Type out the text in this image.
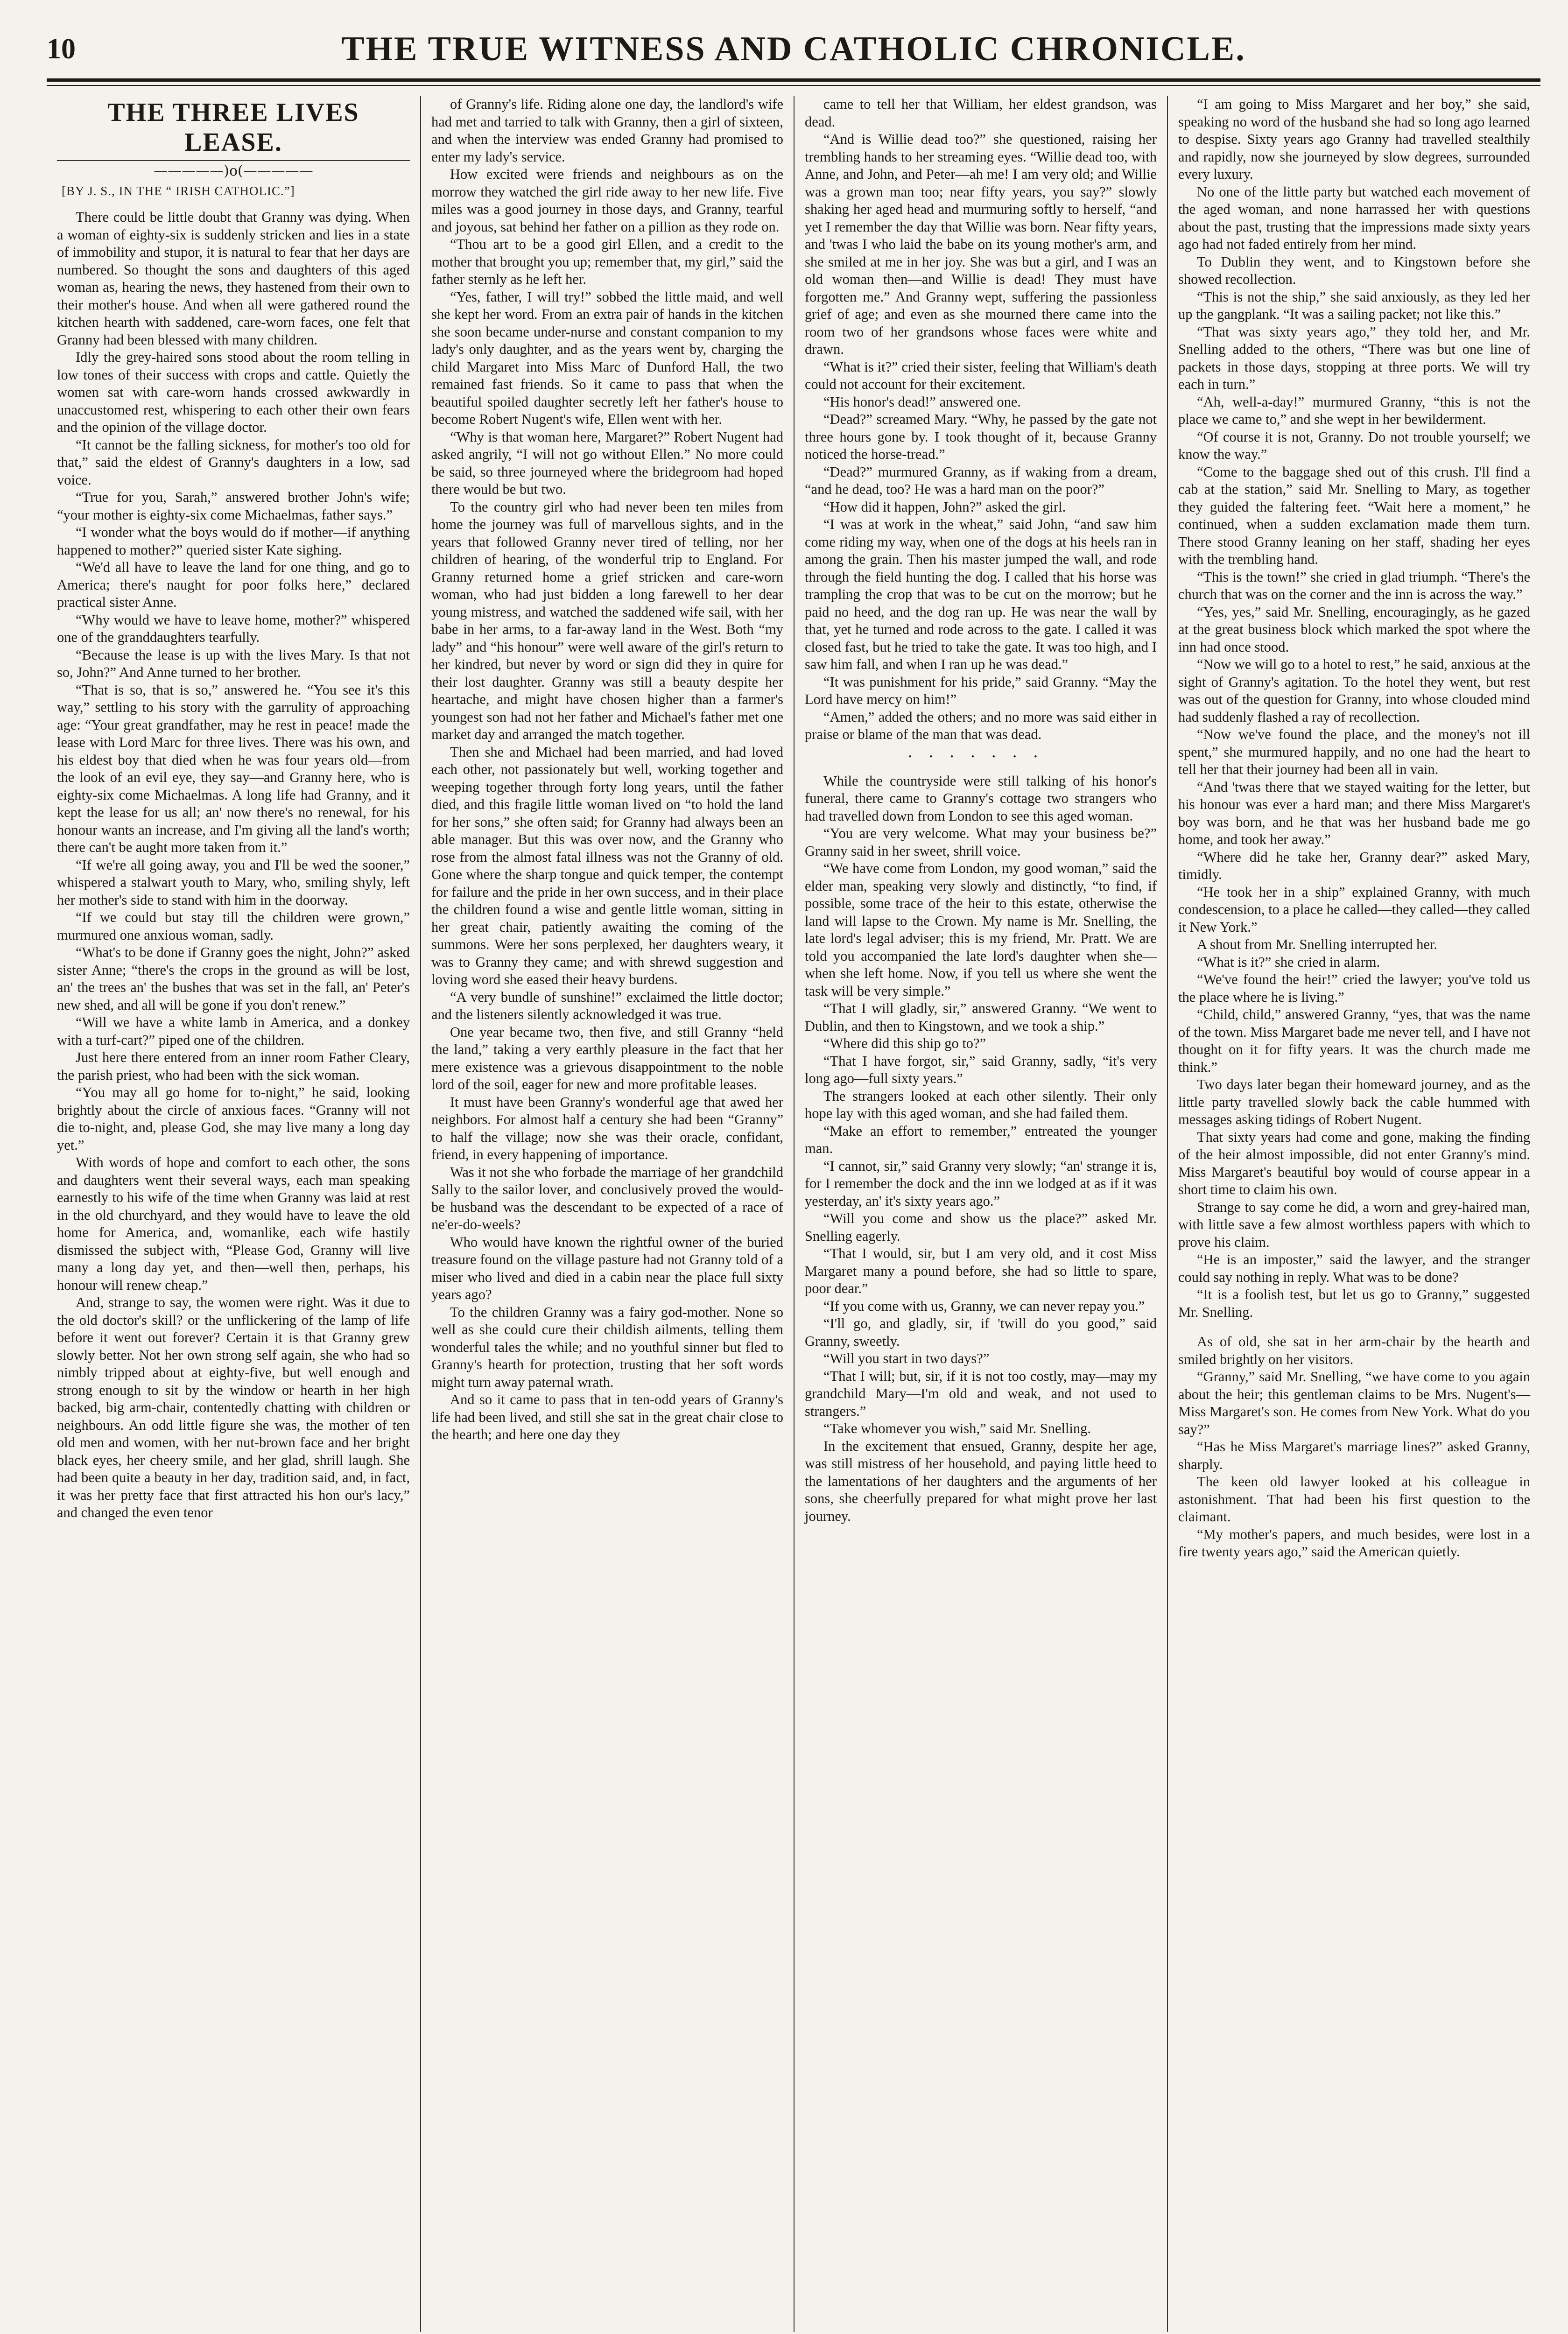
10	THE TRUE WITNESS AND CATHOLIC CHRONICLE.
THE THREE LIVES LEASE.
—————)o(—————
[BY J. S., IN THE “ IRISH CATHOLIC.”]

There could be little doubt that Granny was dying. When a woman of eighty-six is suddenly stricken and lies in a state of immobility and stupor, it is natural to fear that her days are numbered. So thought the sons and daughters of this aged woman as, hearing the news, they hastened from their own to their mother's house. And when all were gathered round the kitchen hearth with saddened, care-worn faces, one felt that Granny had been blessed with many children.

Idly the grey-haired sons stood about the room telling in low tones of their success with crops and cattle. Quietly the women sat with care-worn hands crossed awkwardly in unaccustomed rest, whispering to each other their own fears and the opinion of the village doctor.

“It cannot be the falling sickness, for mother's too old for that,” said the eldest of Granny's daughters in a low, sad voice.

“True for you, Sarah,” answered brother John's wife; “your mother is eighty-six come Michaelmas, father says.”

“I wonder what the boys would do if mother—if anything happened to mother?” queried sister Kate sighing.

“We'd all have to leave the land for one thing, and go to America; there's naught for poor folks here,” declared practical sister Anne.

“Why would we have to leave home, mother?” whispered one of the granddaughters tearfully.

“Because the lease is up with the lives Mary. Is that not so, John?” And Anne turned to her brother.

“That is so, that is so,” answered he. “You see it's this way,” settling to his story with the garrulity of approaching age: “Your great grandfather, may he rest in peace! made the lease with Lord Marc for three lives. There was his own, and his eldest boy that died when he was four years old—from the look of an evil eye, they say—and Granny here, who is eighty-six come Michaelmas. A long life had Granny, and it kept the lease for us all; an' now there's no renewal, for his honour wants an increase, and I'm giving all the land's worth; there can't be aught more taken from it.”

“If we're all going away, you and I'll be wed the sooner,” whispered a stalwart youth to Mary, who, smiling shyly, left her mother's side to stand with him in the doorway.

“If we could but stay till the children were grown,” murmured one anxious woman, sadly.

“What's to be done if Granny goes the night, John?” asked sister Anne; “there's the crops in the ground as will be lost, an' the trees an' the bushes that was set in the fall, an' Peter's new shed, and all will be gone if you don't renew.”

“Will we have a white lamb in America, and a donkey with a turf-cart?” piped one of the children.

Just here there entered from an inner room Father Cleary, the parish priest, who had been with the sick woman.

“You may all go home for to-night,” he said, looking brightly about the circle of anxious faces. “Granny will not die to-night, and, please God, she may live many a long day yet.”

With words of hope and comfort to each other, the sons and daughters went their several ways, each man speaking earnestly to his wife of the time when Granny was laid at rest in the old churchyard, and they would have to leave the old home for America, and, womanlike, each wife hastily dismissed the subject with, “Please God, Granny will live many a long day yet, and then—well then, perhaps, his honour will renew cheap.”

And, strange to say, the women were right. Was it due to the old doctor's skill? or the unflickering of the lamp of life before it went out forever? Certain it is that Granny grew slowly better. Not her own strong self again, she who had so nimbly tripped about at eighty-five, but well enough and strong enough to sit by the window or hearth in her high backed, big arm-chair, contentedly chatting with children or neighbours. An odd little figure she was, the mother of ten old men and women, with her nut-brown face and her bright black eyes, her cheery smile, and her glad, shrill laugh. She had been quite a beauty in her day, tradition said, and, in fact, it was her pretty face that first attracted his hon our's lacy,” and changed the even tenor

of Granny's life. Riding alone one day, the landlord's wife had met and tarried to talk with Granny, then a girl of sixteen, and when the interview was ended Granny had promised to enter my lady's service.

How excited were friends and neighbours as on the morrow they watched the girl ride away to her new life. Five miles was a good journey in those days, and Granny, tearful and joyous, sat behind her father on a pillion as they rode on.

“Thou art to be a good girl Ellen, and a credit to the mother that brought you up; remember that, my girl,” said the father sternly as he left her.

“Yes, father, I will try!” sobbed the little maid, and well she kept her word. From an extra pair of hands in the kitchen she soon became under-nurse and constant companion to my lady's only daughter, and as the years went by, charging the child Margaret into Miss Marc of Dunford Hall, the two remained fast friends. So it came to pass that when the beautiful spoiled daughter secretly left her father's house to become Robert Nugent's wife, Ellen went with her.

“Why is that woman here, Margaret?” Robert Nugent had asked angrily, “I will not go without Ellen.” No more could be said, so three journeyed where the bridegroom had hoped there would be but two.

To the country girl who had never been ten miles from home the journey was full of marvellous sights, and in the years that followed Granny never tired of telling, nor her children of hearing, of the wonderful trip to England. For Granny returned home a grief stricken and care-worn woman, who had just bidden a long farewell to her dear young mistress, and watched the saddened wife sail, with her babe in her arms, to a far-away land in the West. Both “my lady” and “his honour” were well aware of the girl's return to her kindred, but never by word or sign did they in quire for their lost daughter. Granny was still a beauty despite her heartache, and might have chosen higher than a farmer's youngest son had not her father and Michael's father met one market day and arranged the match together.

Then she and Michael had been married, and had loved each other, not passionately but well, working together and weeping together through forty long years, until the father died, and this fragile little woman lived on “to hold the land for her sons,” she often said; for Granny had always been an able manager. But this was over now, and the Granny who rose from the almost fatal illness was not the Granny of old. Gone where the sharp tongue and quick temper, the contempt for failure and the pride in her own success, and in their place the children found a wise and gentle little woman, sitting in her great chair, patiently awaiting the coming of the summons. Were her sons perplexed, her daughters weary, it was to Granny they came; and with shrewd suggestion and loving word she eased their heavy burdens.

“A very bundle of sunshine!” exclaimed the little doctor; and the listeners silently acknowledged it was true.

One year became two, then five, and still Granny “held the land,” taking a very earthly pleasure in the fact that her mere existence was a grievous disappointment to the noble lord of the soil, eager for new and more profitable leases.

It must have been Granny's wonderful age that awed her neighbors. For almost half a century she had been “Granny” to half the village; now she was their oracle, confidant, friend, in every happening of importance.

Was it not she who forbade the marriage of her grandchild Sally to the sailor lover, and conclusively proved the would-be husband was the descendant to be expected of a race of ne'er-do-weels?

Who would have known the rightful owner of the buried treasure found on the village pasture had not Granny told of a miser who lived and died in a cabin near the place full sixty years ago?

To the children Granny was a fairy god-mother. None so well as she could cure their childish ailments, telling them wonderful tales the while; and no youthful sinner but fled to Granny's hearth for protection, trusting that her soft words might turn away paternal wrath.

And so it came to pass that in ten-odd years of Granny's life had been lived, and still she sat in the great chair close to the hearth; and here one day they

came to tell her that William, her eldest grandson, was dead.

“And is Willie dead too?” she questioned, raising her trembling hands to her streaming eyes. “Willie dead too, with Anne, and John, and Peter—ah me! I am very old; and Willie was a grown man too; near fifty years, you say?” slowly shaking her aged head and murmuring softly to herself, “and yet I remember the day that Willie was born. Near fifty years, and 'twas I who laid the babe on its young mother's arm, and she smiled at me in her joy. She was but a girl, and I was an old woman then—and Willie is dead! They must have forgotten me.” And Granny wept, suffering the passionless grief of age; and even as she mourned there came into the room two of her grandsons whose faces were white and drawn.

“What is it?” cried their sister, feeling that William's death could not account for their excitement.

“His honor's dead!” answered one.

“Dead?” screamed Mary. “Why, he passed by the gate not three hours gone by. I took thought of it, because Granny noticed the horse-tread.”

“Dead?” murmured Granny, as if waking from a dream, “and he dead, too? He was a hard man on the poor?”

“How did it happen, John?” asked the girl.

“I was at work in the wheat,” said John, “and saw him come riding my way, when one of the dogs at his heels ran in among the grain. Then his master jumped the wall, and rode through the field hunting the dog. I called that his horse was trampling the crop that was to be cut on the morrow; but he paid no heed, and the dog ran up. He was near the wall by that, yet he turned and rode across to the gate. I called it was closed fast, but he tried to take the gate. It was too high, and I saw him fall, and when I ran up he was dead.”

“It was punishment for his pride,” said Granny. “May the Lord have mercy on him!”

“Amen,” added the others; and no more was said either in praise or blame of the man that was dead.

·······

While the countryside were still talking of his honor's funeral, there came to Granny's cottage two strangers who had travelled down from London to see this aged woman.

“You are very welcome. What may your business be?” Granny said in her sweet, shrill voice.

“We have come from London, my good woman,” said the elder man, speaking very slowly and distinctly, “to find, if possible, some trace of the heir to this estate, otherwise the land will lapse to the Crown. My name is Mr. Snelling, the late lord's legal adviser; this is my friend, Mr. Pratt. We are told you accompanied the late lord's daughter when she—when she left home. Now, if you tell us where she went the task will be very simple.”

“That I will gladly, sir,” answered Granny. “We went to Dublin, and then to Kingstown, and we took a ship.”

“Where did this ship go to?”

“That I have forgot, sir,” said Granny, sadly, “it's very long ago—full sixty years.”

The strangers looked at each other silently. Their only hope lay with this aged woman, and she had failed them.

“Make an effort to remember,” entreated the younger man.

“I cannot, sir,” said Granny very slowly; “an' strange it is, for I remember the dock and the inn we lodged at as if it was yesterday, an' it's sixty years ago.”

“Will you come and show us the place?” asked Mr. Snelling eagerly.

“That I would, sir, but I am very old, and it cost Miss Margaret many a pound before, she had so little to spare, poor dear.”

“If you come with us, Granny, we can never repay you.”

“I'll go, and gladly, sir, if 'twill do you good,” said Granny, sweetly.

“Will you start in two days?”

“That I will; but, sir, if it is not too costly, may—may my grandchild Mary—I'm old and weak, and not used to strangers.”

“Take whomever you wish,” said Mr. Snelling.

In the excitement that ensued, Granny, despite her age, was still mistress of her household, and paying little heed to the lamentations of her daughters and the arguments of her sons, she cheerfully prepared for what might prove her last journey.

“I am going to Miss Margaret and her boy,” she said, speaking no word of the husband she had so long ago learned to despise. Sixty years ago Granny had travelled stealthily and rapidly, now she journeyed by slow degrees, surrounded every luxury.

No one of the little party but watched each movement of the aged woman, and none harrassed her with questions about the past, trusting that the impressions made sixty years ago had not faded entirely from her mind.

To Dublin they went, and to Kingstown before she showed recollection.

“This is not the ship,” she said anxiously, as they led her up the gangplank. “It was a sailing packet; not like this.”

“That was sixty years ago,” they told her, and Mr. Snelling added to the others, “There was but one line of packets in those days, stopping at three ports. We will try each in turn.”

“Ah, well-a-day!” murmured Granny, “this is not the place we came to,” and she wept in her bewilderment.

“Of course it is not, Granny. Do not trouble yourself; we know the way.”

“Come to the baggage shed out of this crush. I'll find a cab at the station,” said Mr. Snelling to Mary, as together they guided the faltering feet. “Wait here a moment,” he continued, when a sudden exclamation made them turn. There stood Granny leaning on her staff, shading her eyes with the trembling hand.

“This is the town!” she cried in glad triumph. “There's the church that was on the corner and the inn is across the way.”

“Yes, yes,” said Mr. Snelling, encouragingly, as he gazed at the great business block which marked the spot where the inn had once stood.

“Now we will go to a hotel to rest,” he said, anxious at the sight of Granny's agitation. To the hotel they went, but rest was out of the question for Granny, into whose clouded mind had suddenly flashed a ray of recollection.

“Now we've found the place, and the money's not ill spent,” she murmured happily, and no one had the heart to tell her that their journey had been all in vain.

“And 'twas there that we stayed waiting for the letter, but his honour was ever a hard man; and there Miss Margaret's boy was born, and he that was her husband bade me go home, and took her away.”

“Where did he take her, Granny dear?” asked Mary, timidly.

“He took her in a ship” explained Granny, with much condescension, to a place he called—they called—they called it New York.”

A shout from Mr. Snelling interrupted her.

“What is it?” she cried in alarm.

“We've found the heir!” cried the lawyer; you've told us the place where he is living.”

“Child, child,” answered Granny, “yes, that was the name of the town. Miss Margaret bade me never tell, and I have not thought on it for fifty years. It was the church made me think.”

Two days later began their homeward journey, and as the little party travelled slowly back the cable hummed with messages asking tidings of Robert Nugent.

That sixty years had come and gone, making the finding of the heir almost impossible, did not enter Granny's mind. Miss Margaret's beautiful boy would of course appear in a short time to claim his own.

Strange to say come he did, a worn and grey-haired man, with little save a few almost worthless papers with which to prove his claim.

“He is an imposter,” said the lawyer, and the stranger could say nothing in reply. What was to be done?

“It is a foolish test, but let us go to Granny,” suggested Mr. Snelling.

As of old, she sat in her arm-chair by the hearth and smiled brightly on her visitors.

“Granny,” said Mr. Snelling, “we have come to you again about the heir; this gentleman claims to be Mrs. Nugent's—Miss Margaret's son. He comes from New York. What do you say?”

“Has he Miss Margaret's marriage lines?” asked Granny, sharply.

The keen old lawyer looked at his colleague in astonishment. That had been his first question to the claimant.

“My mother's papers, and much besides, were lost in a fire twenty years ago,” said the American quietly.
